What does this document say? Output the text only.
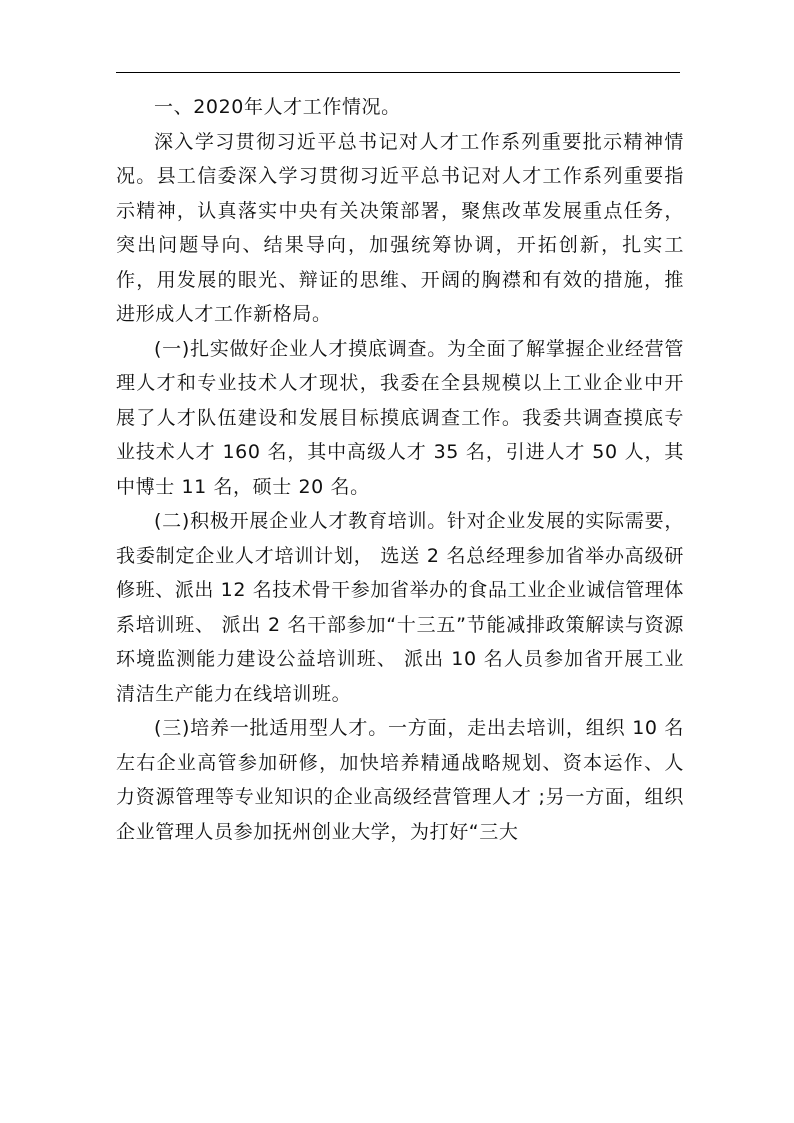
一、2020年人才工作情况。

深入学习贯彻习近平总书记对人才工作系列重要批示精神情况。县工信委深入学习贯彻习近平总书记对人才工作系列重要指示精神，认真落实中央有关决策部署，聚焦改革发展重点任务，突出问题导向、结果导向，加强统筹协调，开拓创新，扎实工作，用发展的眼光、辩证的思维、开阔的胸襟和有效的措施，推进形成人才工作新格局。

(一)扎实做好企业人才摸底调查。为全面了解掌握企业经营管理人才和专业技术人才现状，我委在全县规模以上工业企业中开展了人才队伍建设和发展目标摸底调查工作。我委共调查摸底专业技术人才 160 名，其中高级人才 35 名，引进人才 50 人，其中博士 11 名，硕士 20 名。

(二)积极开展企业人才教育培训。针对企业发展的实际需要，我委制定企业人才培训计划， 选送 2 名总经理参加省举办高级研修班、派出 12 名技术骨干参加省举办的食品工业企业诚信管理体系培训班、 派出 2 名干部参加“十三五”节能减排政策解读与资源环境监测能力建设公益培训班、 派出 10 名人员参加省开展工业清洁生产能力在线培训班。

(三)培养一批适用型人才。一方面，走出去培训，组织 10 名左右企业高管参加研修，加快培养精通战略规划、资本运作、人力资源管理等专业知识的企业高级经营管理人才 ;另一方面，组织企业管理人员参加抚州创业大学，为打好“三大
